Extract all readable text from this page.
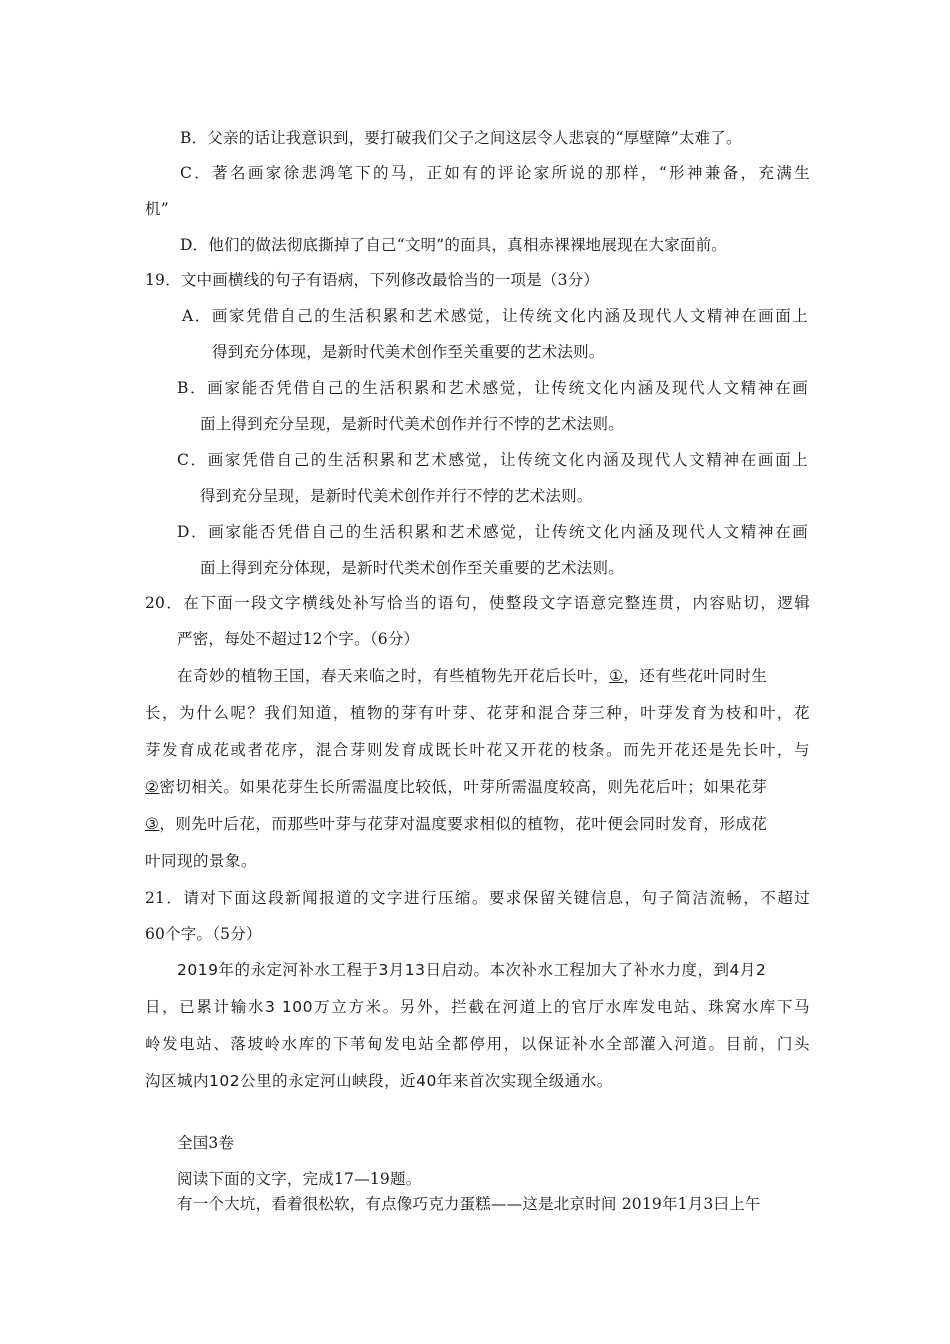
B．父亲的话让我意识到，要打破我们父子之间这层令人悲哀的“厚壁障”太难了。
C．著名画家徐悲鸿笔下的马，正如有的评论家所说的那样，“形神兼备，充满生
机”
D．他们的做法彻底撕掉了自己“文明”的面具，真相赤裸裸地展现在大家面前。
19．文中画横线的句子有语病，下列修改最恰当的一项是（3分）
A．画家凭借自己的生活积累和艺术感觉，让传统文化内涵及现代人文精神在画面上
得到充分体现，是新时代美术创作至关重要的艺术法则。
B．画家能否凭借自己的生活积累和艺术感觉，让传统文化内涵及现代人文精神在画
面上得到充分呈现，是新时代美术创作并行不悖的艺术法则。
C．画家凭借自己的生活积累和艺术感觉，让传统文化内涵及现代人文精神在画面上
得到充分呈现，是新时代美术创作并行不悖的艺术法则。
D．画家能否凭借自己的生活积累和艺术感觉，让传统文化内涵及现代人文精神在画
面上得到充分体现，是新时代类术创作至关重要的艺术法则。
20．在下面一段文字横线处补写恰当的语句，使整段文字语意完整连贯，内容贴切，逻辑
严密，每处不超过12个字。（6分）
在奇妙的植物王国，春天来临之时，有些植物先开花后长叶，①，还有些花叶同时生
长，为什么呢？我们知道，植物的芽有叶芽、花芽和混合芽三种，叶芽发育为枝和叶，花
芽发育成花或者花序，混合芽则发育成既长叶花又开花的枝条。而先开花还是先长叶，与
②密切相关。如果花芽生长所需温度比较低，叶芽所需温度较高，则先花后叶；如果花芽
③，则先叶后花，而那些叶芽与花芽对温度要求相似的植物，花叶便会同时发育，形成花
叶同现的景象。
21．请对下面这段新闻报道的文字进行压缩。要求保留关键信息，句子简洁流畅，不超过
60个字。（5分）
2019年的永定河补水工程于3月13日启动。本次补水工程加大了补水力度，到4月2
日，已累计输水3 100万立方米。另外，拦截在河道上的官厅水库发电站、珠窝水库下马
岭发电站、落坡岭水库的下苇甸发电站全都停用，以保证补水全部灌入河道。目前，门头
沟区城内102公里的永定河山峡段，近40年来首次实现全级通水。
全国3卷
阅读下面的文字，完成17—19题。
有一个大坑，看着很松软，有点像巧克力蛋糕——这是北京时间 2019年1月3曰上午
